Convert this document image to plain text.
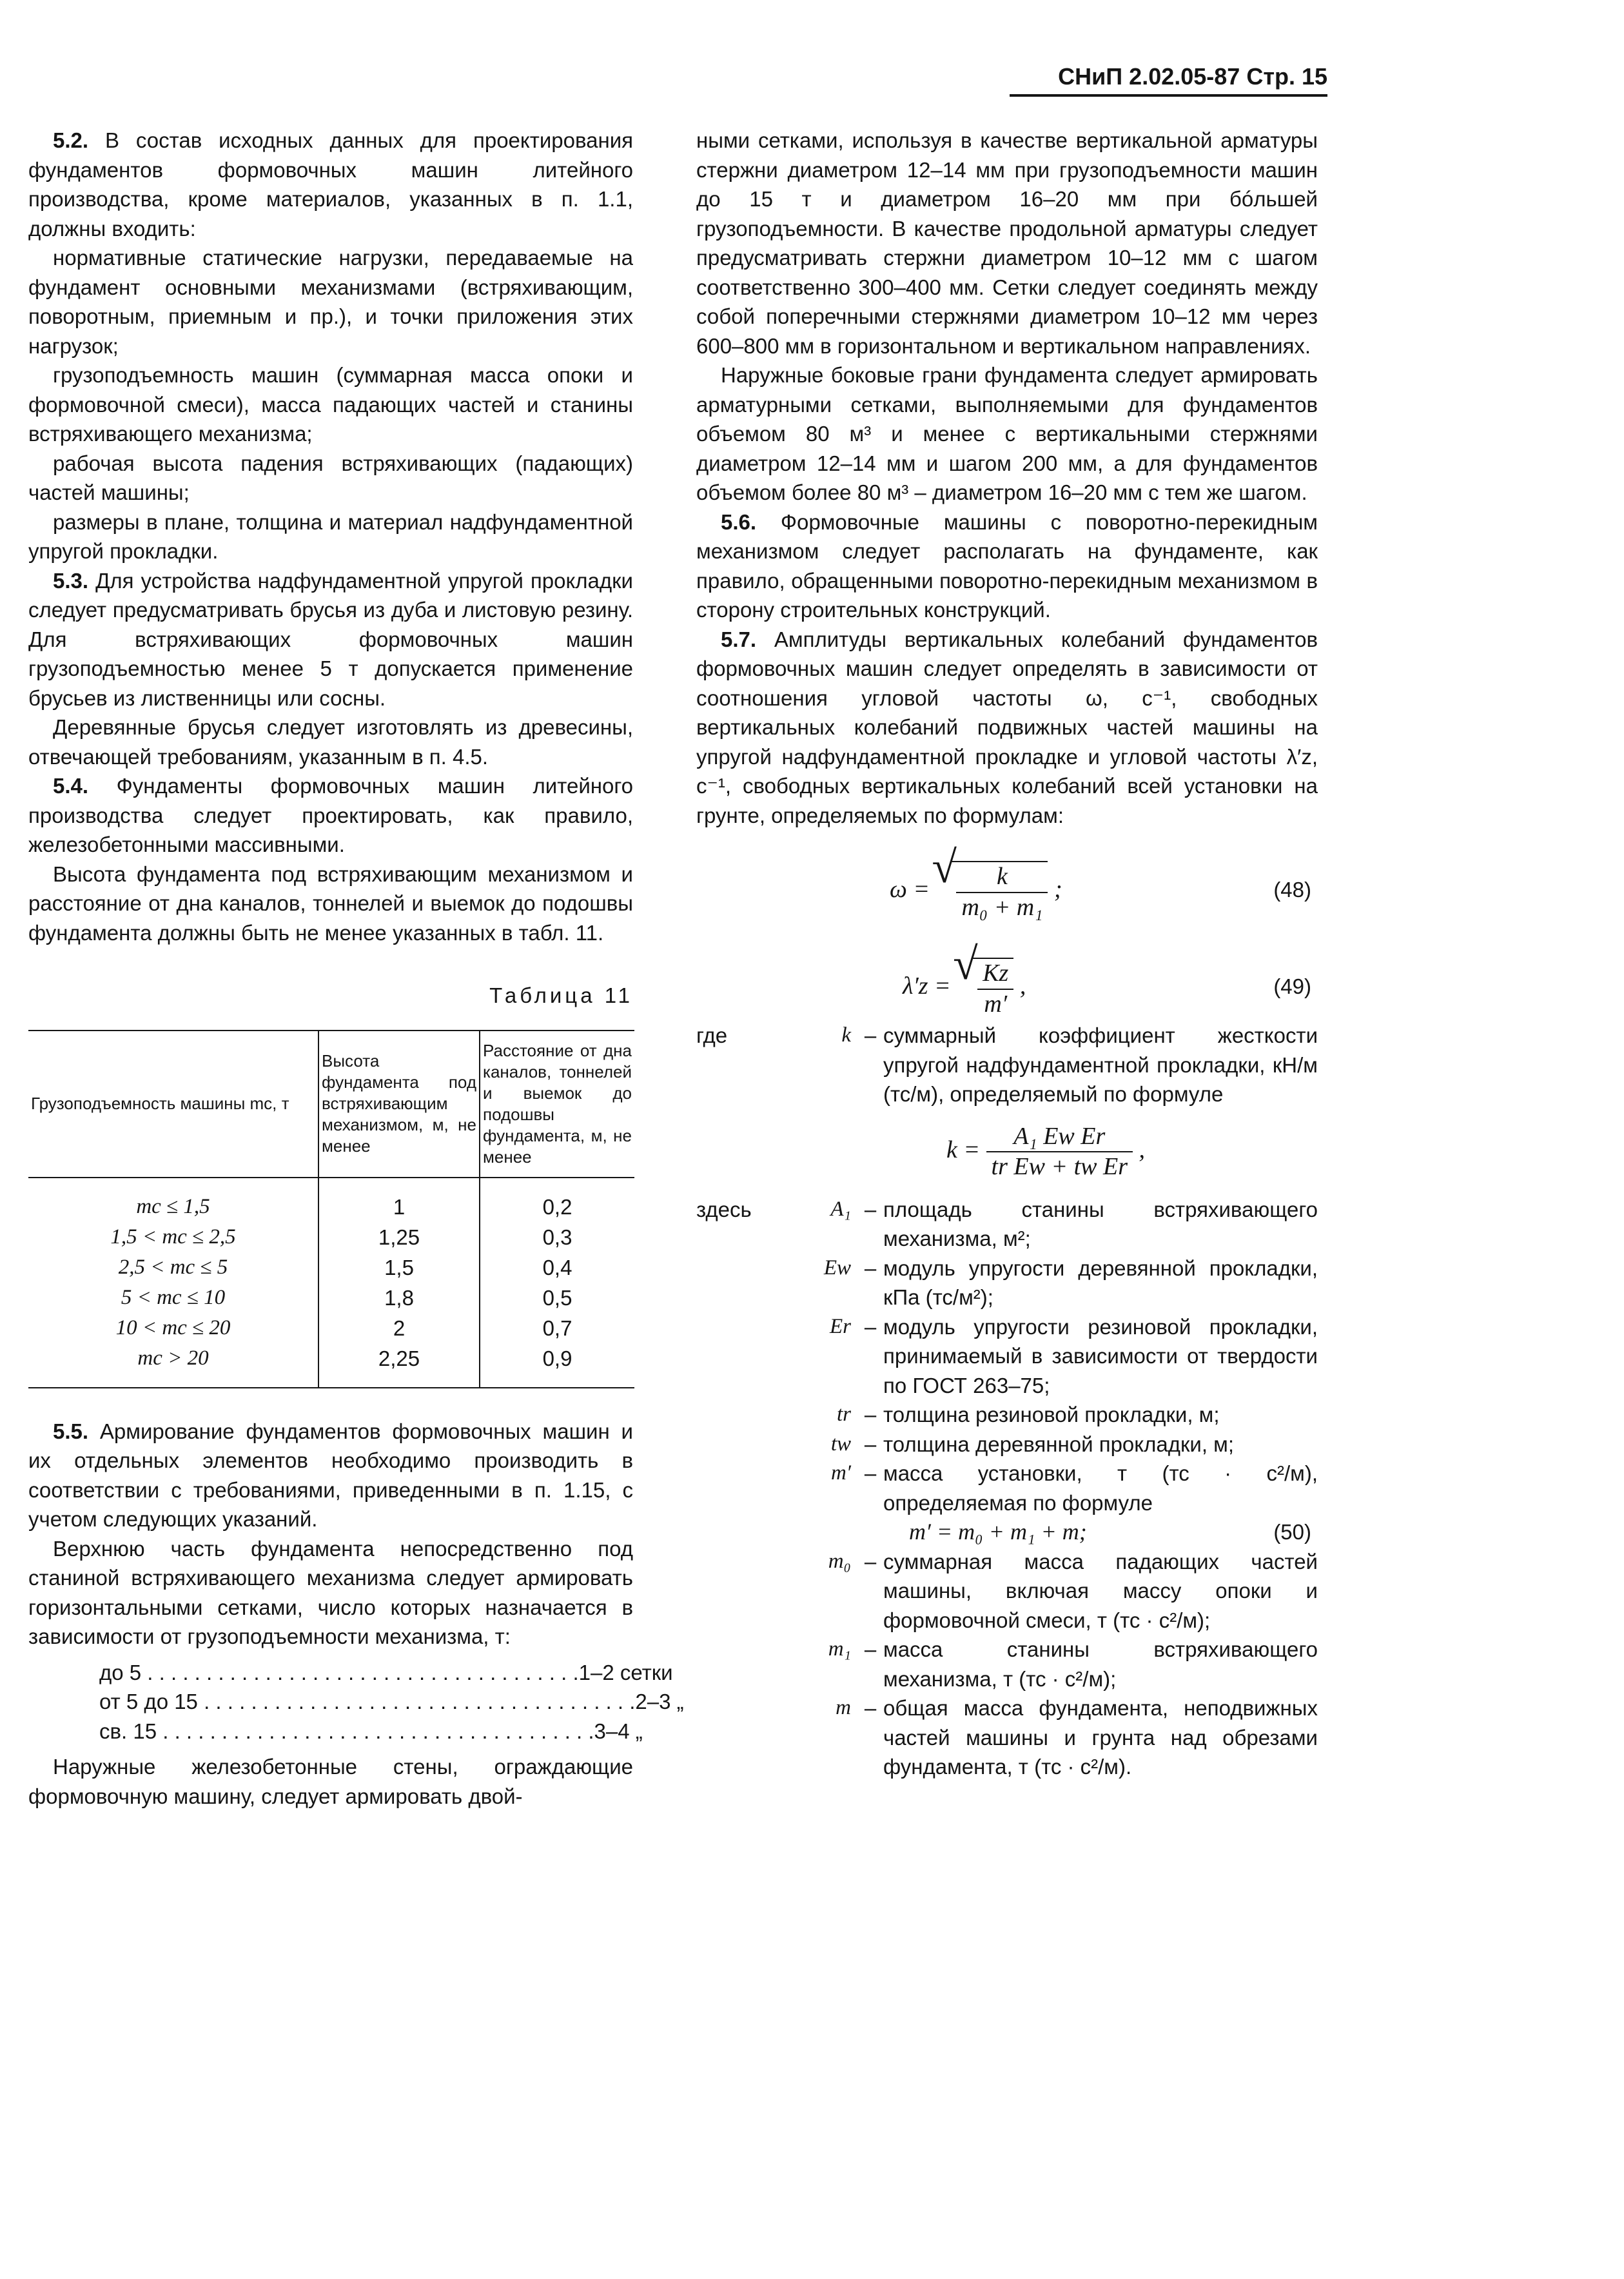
СНиП 2.02.05-87 Стр. 15

5.2. В состав исходных данных для проектирования фундаментов формовочных машин литейного производства, кроме материалов, указанных в п. 1.1, должны входить:

нормативные статические нагрузки, передаваемые на фундамент основными механизмами (встряхивающим, поворотным, приемным и пр.), и точки приложения этих нагрузок;

грузоподъемность машин (суммарная масса опоки и формовочной смеси), масса падающих частей и станины встряхивающего механизма;

рабочая высота падения встряхивающих (падающих) частей машины;

размеры в плане, толщина и материал надфундаментной упругой прокладки.

5.3. Для устройства надфундаментной упругой прокладки следует предусматривать брусья из дуба и листовую резину. Для встряхивающих формовочных машин грузоподъемностью менее 5 т допускается применение брусьев из лиственницы или сосны.

Деревянные брусья следует изготовлять из древесины, отвечающей требованиям, указанным в п. 4.5.

5.4. Фундаменты формовочных машин литейного производства следует проектировать, как правило, железобетонными массивными.

Высота фундамента под встряхивающим механизмом и расстояние от дна каналов, тоннелей и выемок до подошвы фундамента должны быть не менее указанных в табл. 11.

Таблица 11
Грузоподъемность машины mс, т	Высота фундамента под встряхивающим механизмом, м, не менее	Расстояние от дна каналов, тоннелей и выемок до подошвы фундамента, м, не менее
mс ≤ 1,5	1	0,2
1,5 < mс ≤ 2,5	1,25	0,3
2,5 < mс ≤ 5	1,5	0,4
5 < mс ≤ 10	1,8	0,5
10 < mс ≤ 20	2	0,7
mс > 20	2,25	0,9

5.5. Армирование фундаментов формовочных машин и их отдельных элементов необходимо производить в соответствии с требованиями, приведенными в п. 1.15, с учетом следующих указаний.

Верхнюю часть фундамента непосредственно под станиной встряхивающего механизма следует армировать горизонтальными сетками, число которых назначается в зависимости от грузоподъемности механизма, т:

до 5 . . . . . . . . . . . . . . . . . . . . . . . . . . . . . . . . . . . . . 1–2 сетки
от 5 до 15 . . . . . . . . . . . . . . . . . . . . . . . . . . . . . . . . . . . . . 2–3 „
св. 15 . . . . . . . . . . . . . . . . . . . . . . . . . . . . . . . . . . . . . 3–4 „

Наружные железобетонные стены, ограждающие формовочную машину, следует армировать двой-

ными сетками, используя в качестве вертикальной арматуры стержни диаметром 12–14 мм при грузоподъемности машин до 15 т и диаметром 16–20 мм при бóльшей грузоподъемности. В качестве продольной арматуры следует предусматривать стержни диаметром 10–12 мм с шагом соответственно 300–400 мм. Сетки следует соединять между собой поперечными стержнями диаметром 10–12 мм через 600–800 мм в горизонтальном и вертикальном направлениях.

Наружные боковые грани фундамента следует армировать арматурными сетками, выполняемыми для фундаментов объемом 80 м³ и менее с вертикальными стержнями диаметром 12–14 мм и шагом 200 мм, а для фундаментов объемом более 80 м³ – диаметром 16–20 мм с тем же шагом.

5.6. Формовочные машины с поворотно-перекидным механизмом следует располагать на фундаменте, как правило, обращенными поворотно-перекидным механизмом в сторону строительных конструкций.

5.7. Амплитуды вертикальных колебаний фундаментов формовочных машин следует определять в зависимости от соотношения угловой частоты ω, с⁻¹, свободных вертикальных колебаний подвижных частей машины на упругой надфундаментной прокладке и угловой частоты λ′z, с⁻¹, свободных вертикальных колебаний всей установки на грунте, определяемых по формулам:

ω = √ $\frac{k}{\text{m₀ + m₁}}$ ;	(48)
λ′z = √ $\frac{Kz}{m'}$ ,	(49)
где	k – суммарный коэффициент жесткости упругой надфундаментной прокладки, кН/м (тс/м), определяемый по формуле
$k = \frac{\text{A₁ Ew Er}}{\text{tr Ew + tw Er}}$ ,
здесь	A₁ – площадь станины встряхивающего механизма, м²;
Ew – модуль упругости деревянной прокладки, кПа (тс/м²);
Er – модуль упругости резиновой прокладки, принимаемый в зависимости от твердости по ГОСТ 263–75;
tr – толщина резиновой прокладки, м;
tw – толщина деревянной прокладки, м;
m′ – масса установки, т (тс · с²/м), определяемая по формуле
m′ = m₀ + m₁ + m;	(50)
m₀ – суммарная масса падающих частей машины, включая массу опоки и формовочной смеси, т (тс · с²/м);
m₁ – масса станины встряхивающего механизма, т (тс · с²/м);
m – общая масса фундамента, неподвижных частей машины и грунта над обрезами фундамента, т (тс · с²/м).
